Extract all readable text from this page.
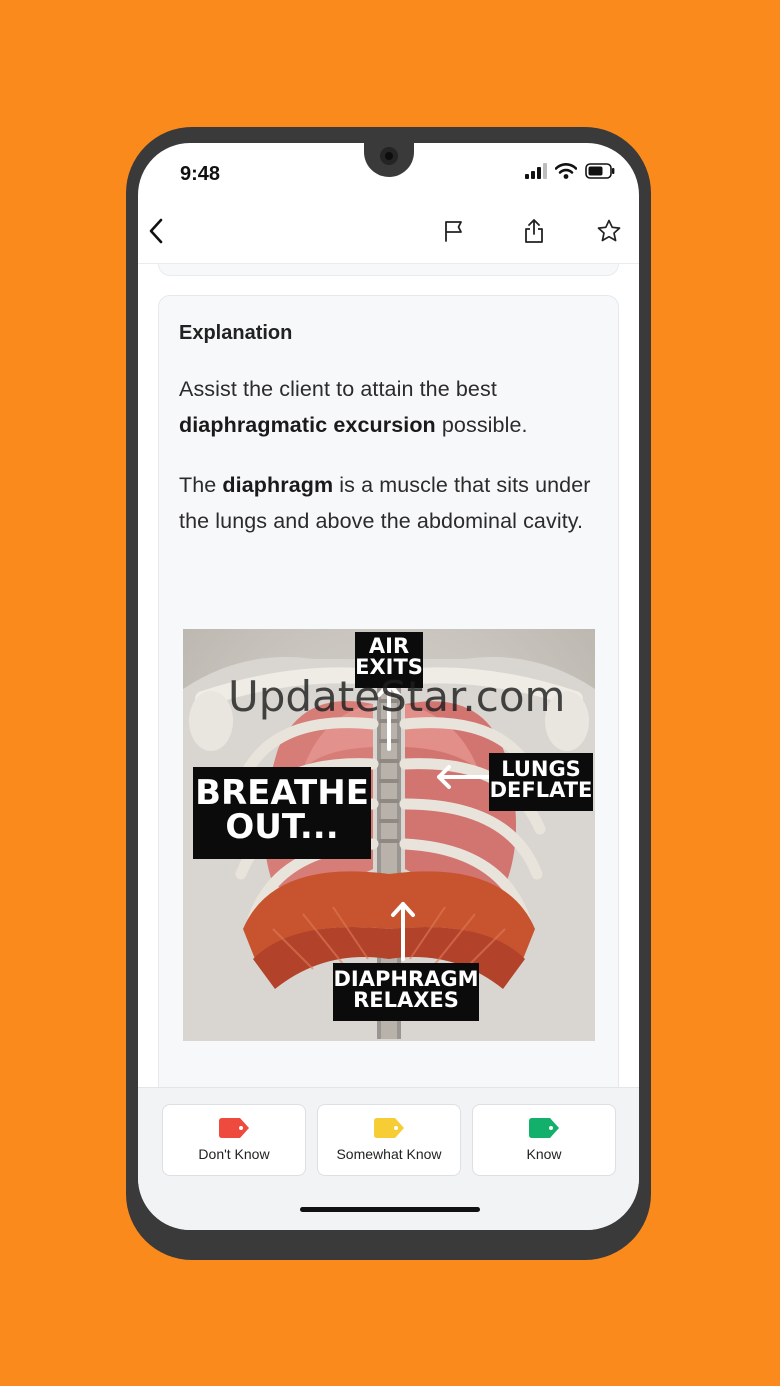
9:48
Explanation

Assist the client to attain the best diaphragmatic excursion possible.

The diaphragm is a muscle that sits under the lungs and above the abdominal cavity.

AIR
EXITS
BREATHE
OUT...
LUNGS
DEFLATE
DIAPHRAGM
RELAXES
Don't Know	Somewhat Know	Know
UpdateStar.com
